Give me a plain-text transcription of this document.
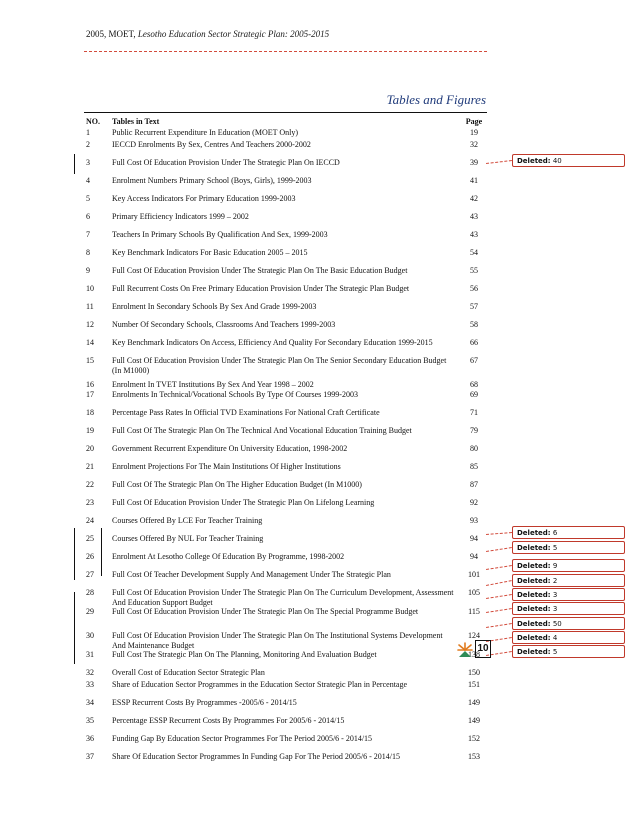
2005, MOET, Lesotho Education Sector Strategic Plan: 2005-2015
Tables and Figures
NO.	Tables in Text	Page
1	Public Recurrent Expenditure In Education (MOET Only)	19
2	IECCD Enrolments By Sex, Centres And Teachers 2000-2002	32
3	Full Cost Of Education Provision Under The Strategic Plan On IECCD	39
4	Enrolment Numbers Primary School (Boys, Girls), 1999-2003	41
5	Key Access Indicators For Primary Education 1999-2003	42
6	Primary Efficiency Indicators 1999 – 2002	43
7	Teachers In Primary Schools By Qualification And Sex, 1999-2003	43
8	Key Benchmark Indicators For Basic Education 2005 – 2015	54
9	Full Cost Of Education Provision Under The Strategic Plan On The Basic Education Budget	55
10	Full Recurrent Costs On Free Primary Education Provision Under The Strategic Plan Budget	56
11	Enrolment In Secondary Schools By Sex And Grade 1999-2003	57
12	Number Of Secondary Schools, Classrooms And Teachers 1999-2003	58
14	Key Benchmark Indicators On Access, Efficiency And Quality For Secondary Education 1999-2015	66
15	Full Cost Of Education Provision Under The Strategic Plan On The Senior Secondary Education Budget (In M1000)	67
16	Enrolment In TVET Institutions By Sex And Year 1998 – 2002	68
17	Enrolments In Technical/Vocational Schools By Type Of Courses 1999-2003	69
18	Percentage Pass Rates In Official TVD Examinations For National Craft Certificate	71
19	Full Cost Of The Strategic Plan On The Technical And Vocational Education Training Budget	79
20	Government Recurrent Expenditure On University Education, 1998-2002	80
21	Enrolment Projections For The Main Institutions Of Higher Institutions	85
22	Full Cost Of The Strategic Plan On The Higher Education Budget (In M1000)	87
23	Full Cost Of Education Provision Under The Strategic Plan On Lifelong Learning	92
24	Courses Offered By LCE For Teacher Training	93
25	Courses Offered By NUL For Teacher Training	94
26	Enrolment At Lesotho College Of Education By Programme, 1998-2002	94
27	Full Cost Of Teacher Development Supply And Management Under The Strategic Plan	101
28	Full Cost Of Education Provision Under The Strategic Plan On The Curriculum Development, Assessment And Education Support Budget	105
29	Full Cost Of Education Provision Under The Strategic Plan On The Special Programme Budget	115
30	Full Cost Of Education Provision Under The Strategic Plan On The Institutional Systems Development And Maintenance Budget	124
31	Full Cost The Strategic Plan On The Planning, Monitoring And Evaluation Budget	138
32	Overall Cost of Education Sector Strategic Plan	150
33	Share of Education Sector Programmes in the Education Sector Strategic Plan in Percentage	151
34	ESSP Recurrent Costs By Programmes -2005/6 - 2014/15	149
35	Percentage ESSP Recurrent Costs By Programmes For 2005/6 - 2014/15	149
36	Funding Gap By Education Sector Programmes For The Period 2005/6 - 2014/15	152
37	Share Of Education Sector Programmes In Funding Gap For The Period 2005/6 - 2014/15	153
Deleted: 40
Deleted: 6
Deleted: 5
Deleted: 9
Deleted: 2
Deleted: 3
Deleted: 3
Deleted: 50
Deleted: 4
Deleted: 5
10
